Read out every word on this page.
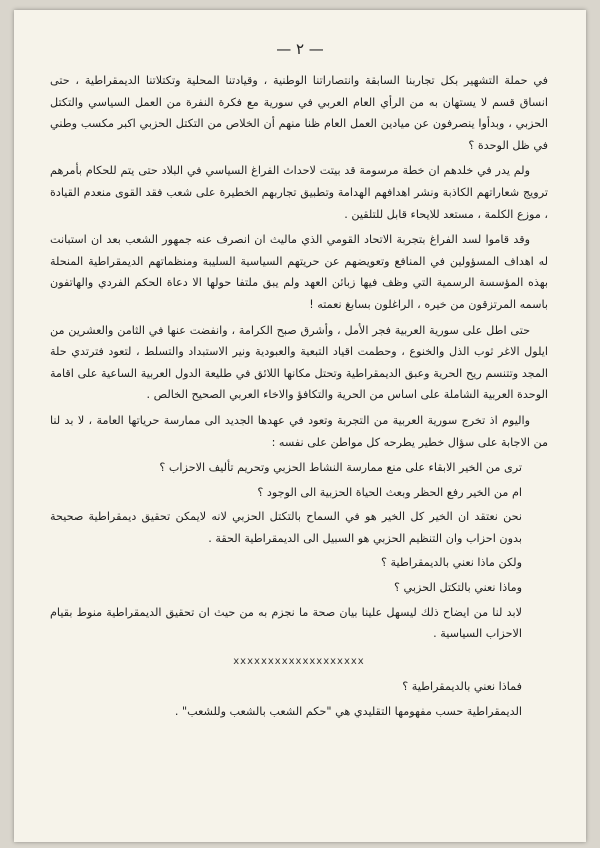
— ٢ —

في حملة التشهير بكل تجاربنا السابقة وانتصاراتنا الوطنية ، وقيادتنا المحلية وتكتلاتنا الديمقراطية ، حتى انساق قسم لا يستهان به من الرأي العام العربي في سورية مع فكرة النفرة من العمل السياسي والتكتل الحزبي ، وبدأوا ينصرفون عن ميادين العمل العام ظنا منهم أن الخلاص من التكتل الحزبي اكبر مكسب وطني في ظل الوحدة ؟

ولم يدر في خلدهم ان خطة مرسومة قد بيتت لاحداث الفراغ السياسي في البلاد حتى يتم للحكام بأمرهم ترويج شعاراتهم الكاذبة ونشر اهدافهم الهدامة وتطبيق تجاربهم الخطيرة على شعب فقد القوى منعدم القيادة ، موزع الكلمة ، مستعد للايحاء قابل للتلقين .

وقد قاموا لسد الفراغ بتجربة الاتحاد القومي الذي ماليث ان انصرف عنه جمهور الشعب بعد ان استبانت له اهداف المسؤولين في المنافع وتعويضهم عن حريتهم السياسية السليبة ومنظماتهم الديمقراطية المنحلة بهذه المؤسسة الرسمية التي وظف فيها زبائن العهد ولم يبق ملتفا حولها الا دعاة الحكم الفردي والهاتفون باسمه المرتزقون من خيره ، الراغلون بسابغ نعمته !

حتى اطل على سورية العربية فجر الأمل ، وأشرق صبح الكرامة ، وانفضت عنها في الثامن والعشرين من ايلول الاغر ثوب الذل والخنوع ، وحطمت اقياد التبعية والعبودية ونير الاستبداد والتسلط ، لتعود فترتدي حلة المجد وتتنسم ريح الحرية وعبق الديمقراطية وتحتل مكانها اللائق في طليعة الدول العربية الساعية على اقامة الوحدة العربية الشاملة على اساس من الحرية والتكافؤ والاخاء العربي الصحيح الخالص .

واليوم اذ تخرج سورية العربية من التجربة وتعود في عهدها الجديد الى ممارسة حرياتها العامة ، لا بد لنا من الاجابة على سؤال خطير يطرحه كل مواطن على نفسه :

ترى من الخير الابقاء على منع ممارسة النشاط الحزبي وتحريم تأليف الاحزاب ؟

ام من الخير رفع الحظر وبعث الحياة الحزبية الى الوجود ؟

نحن نعتقد ان الخير كل الخير هو في السماح بالتكتل الحزبي لانه لايمكن تحقيق ديمقراطية صحيحة بدون احزاب وان التنظيم الحزبي هو السبيل الى الديمقراطية الحقة .

ولكن ماذا نعني بالديمقراطية ؟

وماذا نعني بالتكتل الحزبي ؟

لابد لنا من ايضاح ذلك ليسهل علينا بيان صحة ما نجزم به من حيث ان تحقيق الديمقراطية منوط بقيام الاحزاب السياسية .

xxxxxxxxxxxxxxxxxxx

فماذا نعني بالديمقراطية ؟

الديمقراطية حسب مفهومها التقليدي هي "حكم الشعب بالشعب وللشعب" .
